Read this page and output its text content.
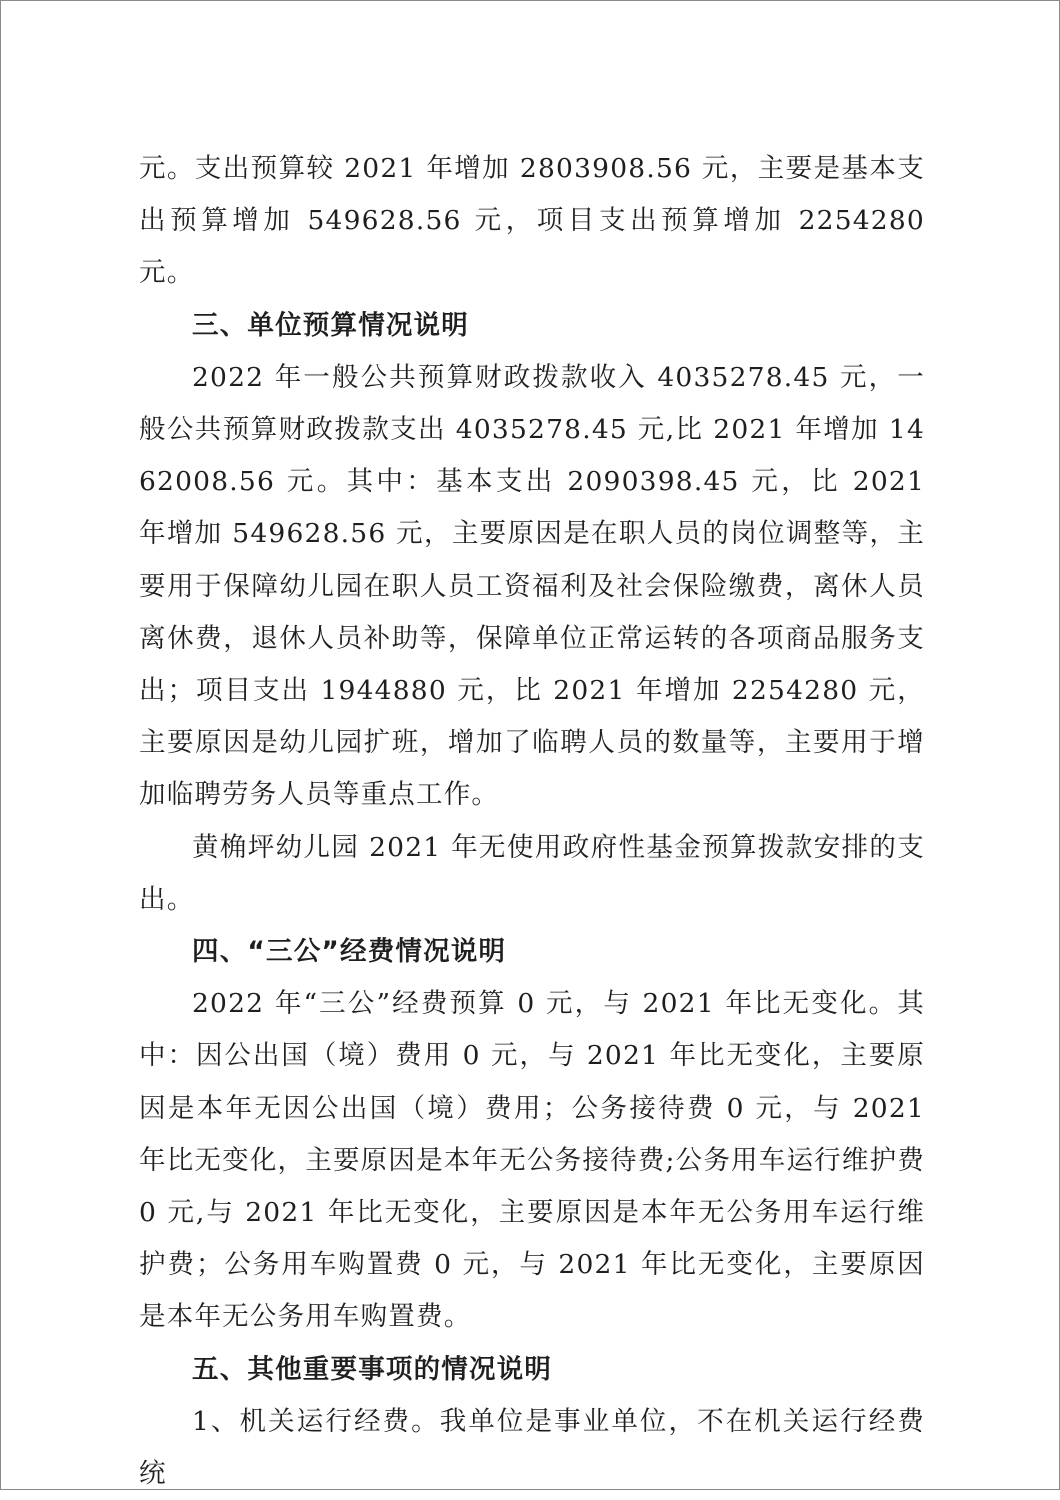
元。支出预算较 2021 年增加 2803908.56 元，主要是基本支出预算增加 549628.56 元，项目支出预算增加 2254280 元。

三、单位预算情况说明

2022 年一般公共预算财政拨款收入 4035278.45 元，一般公共预算财政拨款支出 4035278.45 元,比 2021 年增加 1462008.56 元。其中：基本支出 2090398.45 元，比 2021 年增加 549628.56 元，主要原因是在职人员的岗位调整等，主要用于保障幼儿园在职人员工资福利及社会保险缴费，离休人员离休费，退休人员补助等，保障单位正常运转的各项商品服务支出；项目支出 1944880 元，比 2021 年增加 2254280 元，主要原因是幼儿园扩班，增加了临聘人员的数量等，主要用于增加临聘劳务人员等重点工作。

黄桷坪幼儿园 2021 年无使用政府性基金预算拨款安排的支出。

四、“三公”经费情况说明

2022 年“三公”经费预算 0 元，与 2021 年比无变化。其中：因公出国（境）费用 0 元，与 2021 年比无变化，主要原因是本年无因公出国（境）费用；公务接待费 0 元，与 2021 年比无变化，主要原因是本年无公务接待费;公务用车运行维护费 0 元,与 2021 年比无变化，主要原因是本年无公务用车运行维护费；公务用车购置费 0 元，与 2021 年比无变化，主要原因是本年无公务用车购置费。

五、其他重要事项的情况说明

1、机关运行经费。我单位是事业单位，不在机关运行经费统
